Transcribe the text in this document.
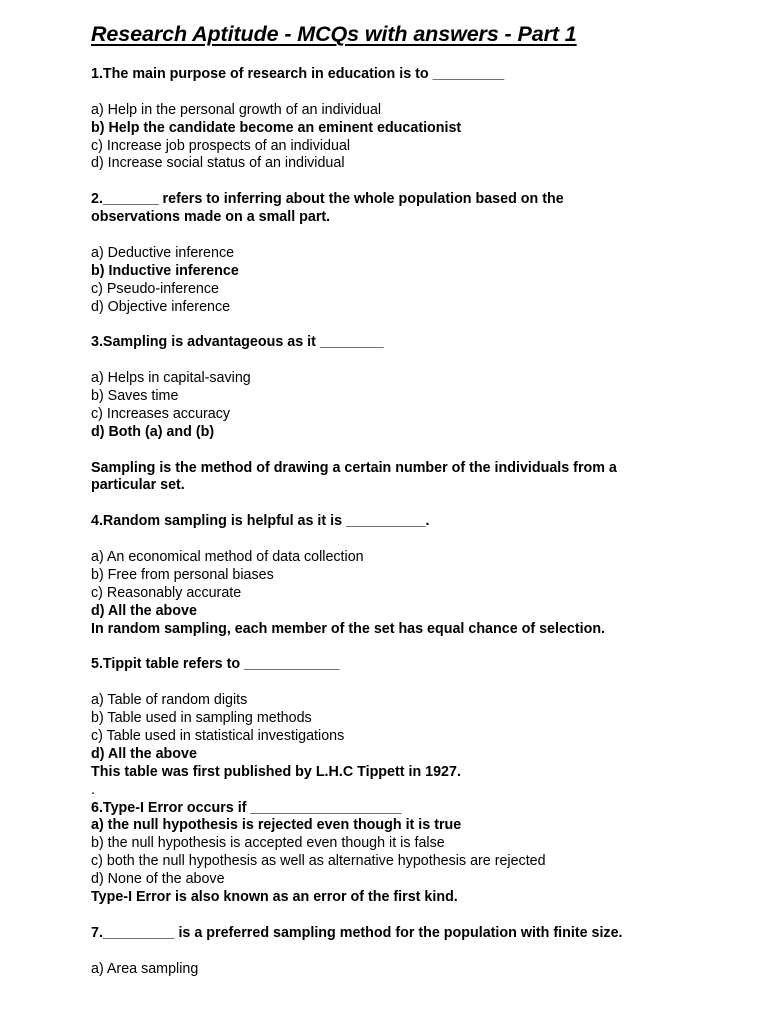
Research Aptitude - MCQs with answers - Part 1
1.The main purpose of research in education is to _________
a) Help in the personal growth of an individual
b) Help the candidate become an eminent educationist
c) Increase job prospects of an individual
d) Increase social status of an individual
2._______ refers to inferring about the whole population based on the
observations made on a small part.
a) Deductive inference
b) Inductive inference
c) Pseudo-inference
d) Objective inference
3.Sampling is advantageous as it ________
a) Helps in capital-saving
b) Saves time
c) Increases accuracy
d) Both (a) and (b)
Sampling is the method of drawing a certain number of the individuals from a
particular set.
4.Random sampling is helpful as it is __________.
a) An economical method of data collection
b) Free from personal biases
c) Reasonably accurate
d) All the above
In random sampling, each member of the set has equal chance of selection.
5.Tippit table refers to ____________
a) Table of random digits
b) Table used in sampling methods
c) Table used in statistical investigations
d) All the above
This table was first published by L.H.C Tippett in 1927.
.
6.Type-I Error occurs if ___________________
a) the null hypothesis is rejected even though it is true
b) the null hypothesis is accepted even though it is false
c) both the null hypothesis as well as alternative hypothesis are rejected
d) None of the above
Type-I Error is also known as an error of the first kind.
7._________ is a preferred sampling method for the population with finite size.
a) Area sampling
